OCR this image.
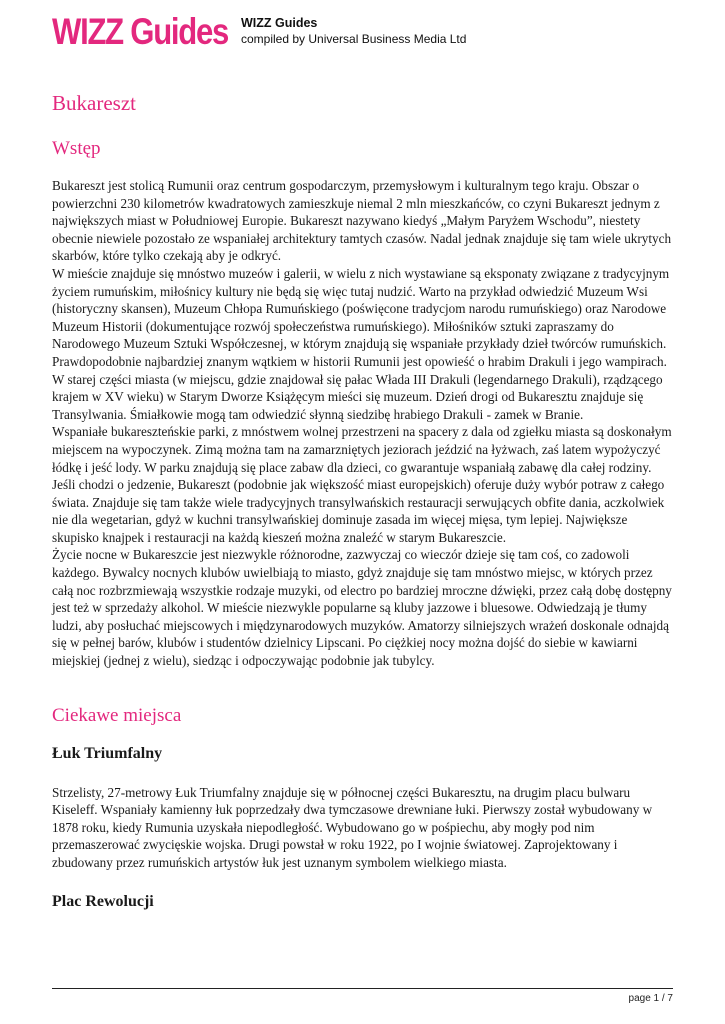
WIZZ Guides WIZZ Guides
compiled by Universal Business Media Ltd
Bukareszt
Wstęp

Bukareszt jest stolicą Rumunii oraz centrum gospodarczym, przemysłowym i kulturalnym tego kraju. Obszar o powierzchni 230 kilometrów kwadratowych zamieszkuje niemal 2 mln mieszkańców, co czyni Bukareszt jednym z największych miast w Południowej Europie. Bukareszt nazywano kiedyś „Małym Paryżem Wschodu”, niestety obecnie niewiele pozostało ze wspaniałej architektury tamtych czasów. Nadal jednak znajduje się tam wiele ukrytych skarbów, które tylko czekają aby je odkryć.

W mieście znajduje się mnóstwo muzeów i galerii, w wielu z nich wystawiane są eksponaty związane z tradycyjnym życiem rumuńskim, miłośnicy kultury nie będą się więc tutaj nudzić. Warto na przykład odwiedzić Muzeum Wsi (historyczny skansen), Muzeum Chłopa Rumuńskiego (poświęcone tradycjom narodu rumuńskiego) oraz Narodowe Muzeum Historii (dokumentujące rozwój społeczeństwa rumuńskiego). Miłośników sztuki zapraszamy do Narodowego Muzeum Sztuki Współczesnej, w którym znajdują się wspaniałe przykłady dzieł twórców rumuńskich.

Prawdopodobnie najbardziej znanym wątkiem w historii Rumunii jest opowieść o hrabim Drakuli i jego wampirach. W starej części miasta (w miejscu, gdzie znajdował się pałac Włada III Drakuli (legendarnego Drakuli), rządzącego krajem w XV wieku) w Starym Dworze Książęcym mieści się muzeum. Dzień drogi od Bukaresztu znajduje się Transylwania. Śmiałkowie mogą tam odwiedzić słynną siedzibę hrabiego Drakuli - zamek w Branie.

Wspaniałe bukareszteńskie parki, z mnóstwem wolnej przestrzeni na spacery z dala od zgiełku miasta są doskonałym miejscem na wypoczynek. Zimą można tam na zamarzniętych jeziorach jeździć na łyżwach, zaś latem wypożyczyć łódkę i jeść lody. W parku znajdują się place zabaw dla dzieci, co gwarantuje wspaniałą zabawę dla całej rodziny.

Jeśli chodzi o jedzenie, Bukareszt (podobnie jak większość miast europejskich) oferuje duży wybór potraw z całego świata. Znajduje się tam także wiele tradycyjnych transylwańskich restauracji serwujących obfite dania, aczkolwiek nie dla wegetarian, gdyż w kuchni transylwańskiej dominuje zasada im więcej mięsa, tym lepiej. Największe skupisko knajpek i restauracji na każdą kieszeń można znaleźć w starym Bukareszcie.

Życie nocne w Bukareszcie jest niezwykle różnorodne, zazwyczaj co wieczór dzieje się tam coś, co zadowoli każdego. Bywalcy nocnych klubów uwielbiają to miasto, gdyż znajduje się tam mnóstwo miejsc, w których przez całą noc rozbrzmiewają wszystkie rodzaje muzyki, od electro po bardziej mroczne dźwięki, przez całą dobę dostępny jest też w sprzedaży alkohol. W mieście niezwykle popularne są kluby jazzowe i bluesowe. Odwiedzają je tłumy ludzi, aby posłuchać miejscowych i międzynarodowych muzyków. Amatorzy silniejszych wrażeń doskonale odnajdą się w pełnej barów, klubów i studentów dzielnicy Lipscani. Po ciężkiej nocy można dojść do siebie w kawiarni miejskiej (jednej z wielu), siedząc i odpoczywając podobnie jak tubylcy.

Ciekawe miejsca
Łuk Triumfalny

Strzelisty, 27-metrowy Łuk Triumfalny znajduje się w północnej części Bukaresztu, na drugim placu bulwaru Kiseleff. Wspaniały kamienny łuk poprzedzały dwa tymczasowe drewniane łuki. Pierwszy został wybudowany w 1878 roku, kiedy Rumunia uzyskała niepodległość. Wybudowano go w pośpiechu, aby mogły pod nim przemaszerować zwycięskie wojska. Drugi powstał w roku 1922, po I wojnie światowej. Zaprojektowany i zbudowany przez rumuńskich artystów łuk jest uznanym symbolem wielkiego miasta.

Plac Rewolucji
page 1 / 7
